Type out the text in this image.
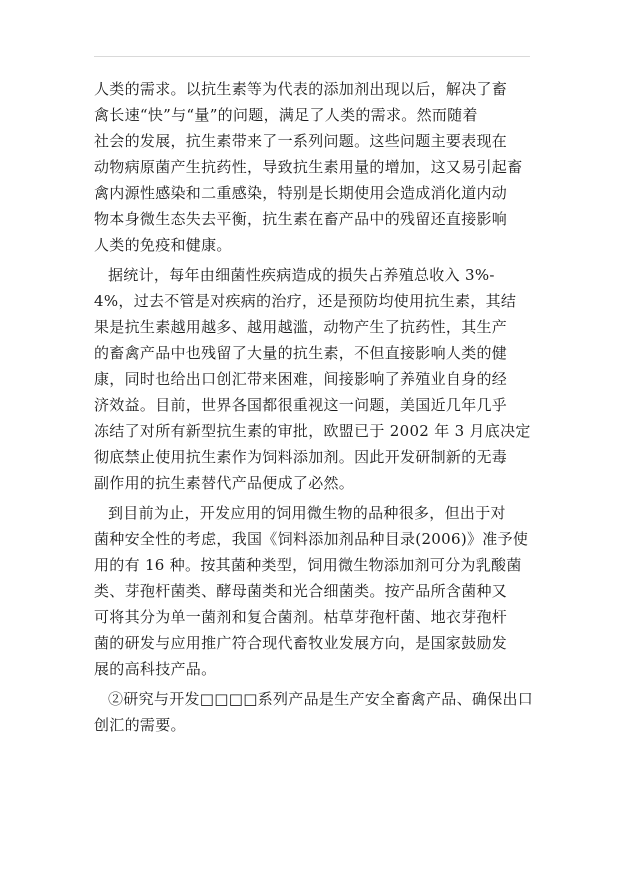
人类的需求。以抗生素等为代表的添加剂出现以后，解决了畜
禽长速“快”与“量”的问题，满足了人类的需求。然而随着
社会的发展，抗生素带来了一系列问题。这些问题主要表现在
动物病原菌产生抗药性，导致抗生素用量的增加，这又易引起畜
禽内源性感染和二重感染，特别是长期使用会造成消化道内动
物本身微生态失去平衡，抗生素在畜产品中的残留还直接影响
人类的免疫和健康。
据统计，每年由细菌性疾病造成的损失占养殖总收入 3%-
4%，过去不管是对疾病的治疗，还是预防均使用抗生素，其结
果是抗生素越用越多、越用越滥，动物产生了抗药性，其生产
的畜禽产品中也残留了大量的抗生素，不但直接影响人类的健
康，同时也给出口创汇带来困难，间接影响了养殖业自身的经
济效益。目前，世界各国都很重视这一问题，美国近几年几乎
冻结了对所有新型抗生素的审批，欧盟已于 2002 年 3 月底决定
彻底禁止使用抗生素作为饲料添加剂。因此开发研制新的无毒
副作用的抗生素替代产品便成了必然。
到目前为止，开发应用的饲用微生物的品种很多，但出于对
菌种安全性的考虑，我国《饲料添加剂品种目录(2006)》准予使
用的有 16 种。按其菌种类型，饲用微生物添加剂可分为乳酸菌
类、芽孢杆菌类、酵母菌类和光合细菌类。按产品所含菌种又
可将其分为单一菌剂和复合菌剂。枯草芽孢杆菌、地衣芽孢杆
菌的研发与应用推广符合现代畜牧业发展方向，是国家鼓励发
展的高科技产品。
②研究与开发□□□□系列产品是生产安全畜禽产品、确保出口
创汇的需要。
